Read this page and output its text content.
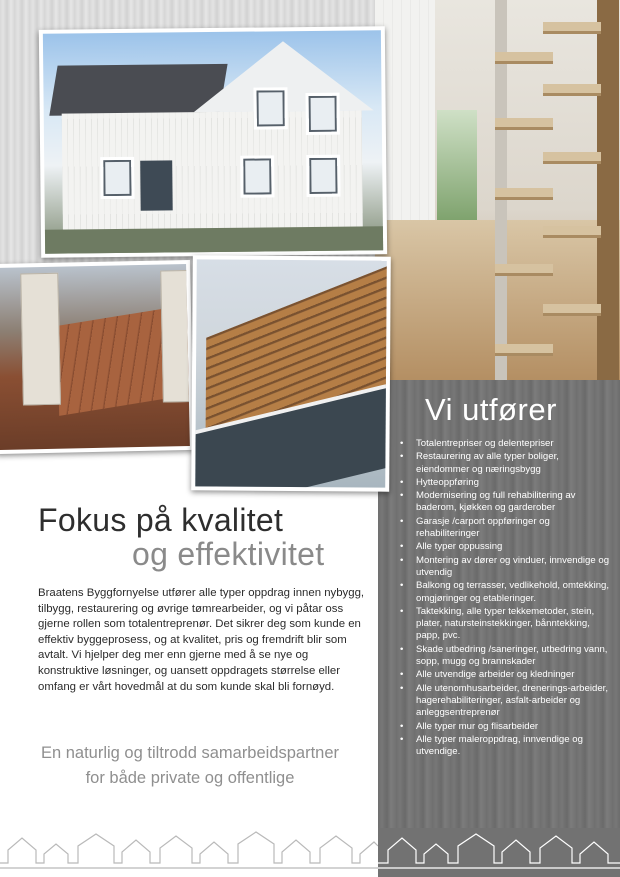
Vi utfører
• Totalentrepriser og delentepriser
• Restaurering av alle typer boliger, eiendommer og næringsbygg
• Hytteoppføring
• Modernisering og full rehabilitering av baderom, kjøkken og garderober
• Garasje /carport oppføringer og rehabiliteringer
• Alle typer oppussing
• Montering av dører og vinduer, innvendige og utvendig
• Balkong og terrasser, vedlikehold, omtekking, omgjøringer og etableringer.
• Taktekking, alle typer tekkemetoder, stein, plater, natursteinstekkinger, bånntekking, papp, pvc.
• Skade utbedring /saneringer, utbedring vann, sopp, mugg og brannskader
• Alle utvendige arbeider og kledninger
• Alle utenomhusarbeider, drenerings-arbeider, hagerehabiliteringer, asfalt-arbeider og anleggsentreprenør
• Alle typer mur og flisarbeider
• Alle typer maleroppdrag, innvendige og utvendige.
Fokus på kvalitet
og effektivitet
Braatens Byggfornyelse utfører alle typer oppdrag innen nybygg, tilbygg, restaurering og øvrige tømrearbeider, og vi påtar oss gjerne rollen som totalentreprenør. Det sikrer deg som kunde en effektiv byggeprosess, og at kvalitet, pris og fremdrift blir som avtalt. Vi hjelper deg mer enn gjerne med å se nye og konstruktive løsninger, og uansett oppdragets størrelse eller omfang er vårt hovedmål at du som kunde skal bli fornøyd.
En naturlig og tiltrodd samarbeidspartner for både private og offentlige
